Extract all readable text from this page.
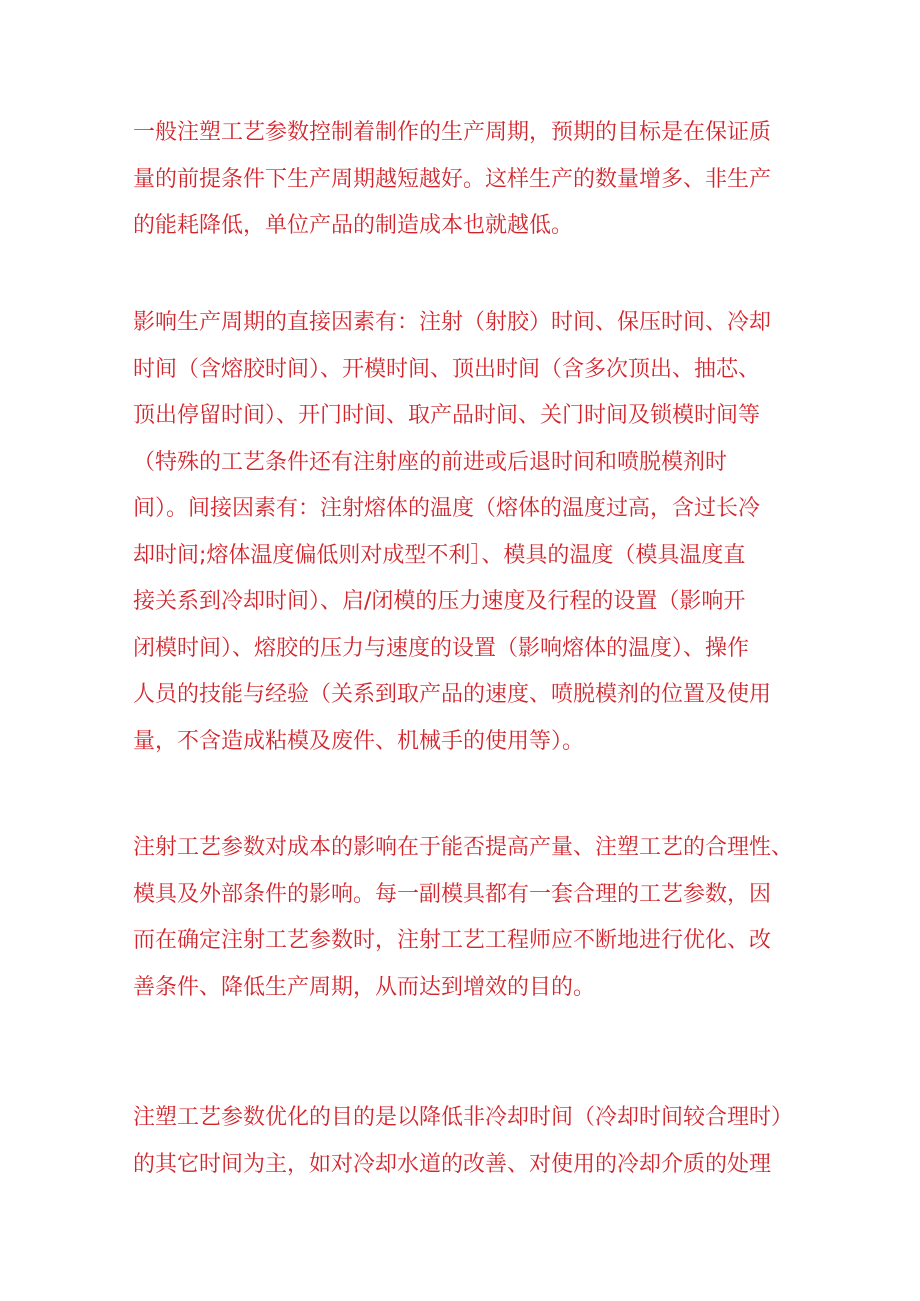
一般注塑工艺参数控制着制作的生产周期，预期的目标是在保证质
量的前提条件下生产周期越短越好。这样生产的数量增多、非生产
的能耗降低，单位产品的制造成本也就越低。
影响生产周期的直接因素有：注射（射胶）时间、保压时间、冷却
时间（含熔胶时间）、开模时间、顶出时间（含多次顶出、抽芯、
顶出停留时间）、开门时间、取产品时间、关门时间及锁模时间等
（特殊的工艺条件还有注射座的前进或后退时间和喷脱模剂时
间）。间接因素有：注射熔体的温度（熔体的温度过高，含过长冷
却时间;熔体温度偏低则对成型不利］、模具的温度（模具温度直
接关系到冷却时间）、启/闭模的压力速度及行程的设置（影响开
闭模时间）、熔胶的压力与速度的设置（影响熔体的温度）、操作
人员的技能与经验（关系到取产品的速度、喷脱模剂的位置及使用
量，不含造成粘模及废件、机械手的使用等）。
注射工艺参数对成本的影响在于能否提高产量、注塑工艺的合理性、
模具及外部条件的影响。每一副模具都有一套合理的工艺参数，因
而在确定注射工艺参数时，注射工艺工程师应不断地进行优化、改
善条件、降低生产周期，从而达到增效的目的。
注塑工艺参数优化的目的是以降低非冷却时间（冷却时间较合理时）
的其它时间为主，如对冷却水道的改善、对使用的冷却介质的处理
